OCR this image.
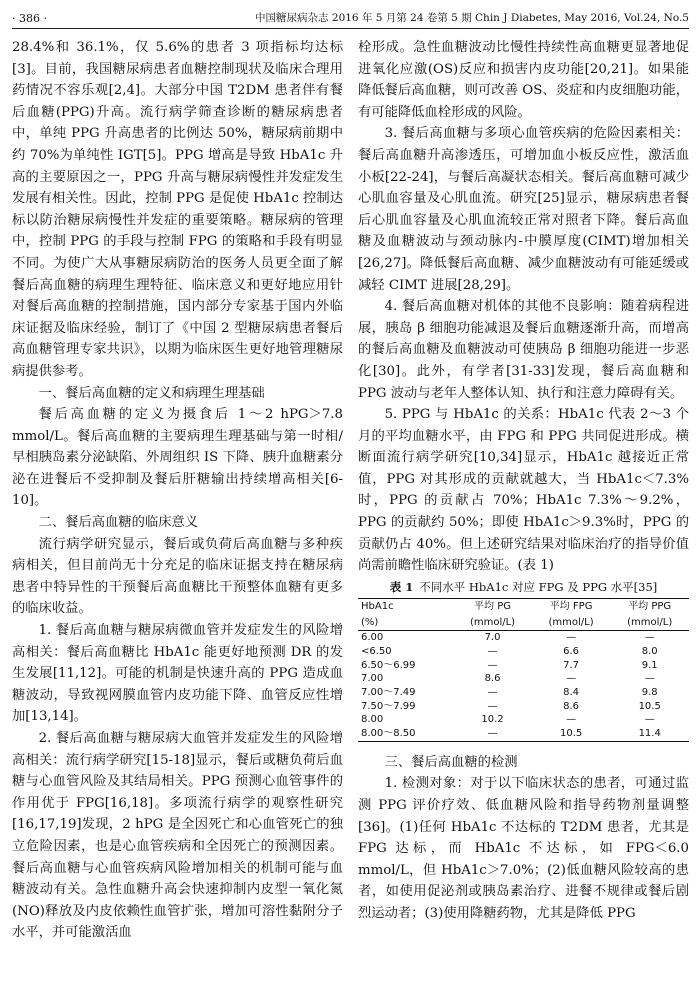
· 386 ·	中国糖尿病杂志 2016 年 5 月第 24 卷第 5 期 Chin J Diabetes, May 2016, Vol.24, No.5

28.4%和 36.1%，仅 5.6%的患者 3 项指标均达标[3]。目前，我国糖尿病患者血糖控制现状及临床合理用药情况不容乐观[2,4]。大部分中国 T2DM 患者伴有餐后血糖(PPG)升高。流行病学筛查诊断的糖尿病患者中，单纯 PPG 升高患者的比例达 50%，糖尿病前期中约 70%为单纯性 IGT[5]。PPG 增高是导致 HbA1c 升高的主要原因之一，PPG 升高与糖尿病慢性并发症发生发展有相关性。因此，控制 PPG 是促使 HbA1c 控制达标以防治糖尿病慢性并发症的重要策略。糖尿病的管理中，控制 PPG 的手段与控制 FPG 的策略和手段有明显不同。为使广大从事糖尿病防治的医务人员更全面了解餐后高血糖的病理生理特征、临床意义和更好地应用针对餐后高血糖的控制措施，国内部分专家基于国内外临床证据及临床经验，制订了《中国 2 型糖尿病患者餐后高血糖管理专家共识》，以期为临床医生更好地管理糖尿病提供参考。

一、餐后高血糖的定义和病理生理基础

餐后高血糖的定义为摄食后 1～2 hPG＞7.8 mmol/L。餐后高血糖的主要病理生理基础与第一时相/早相胰岛素分泌缺陷、外周组织 IS 下降、胰升血糖素分泌在进餐后不受抑制及餐后肝糖输出持续增高相关[6-10]。

二、餐后高血糖的临床意义

流行病学研究显示，餐后或负荷后高血糖与多种疾病相关，但目前尚无十分充足的临床证据支持在糖尿病患者中特异性的干预餐后高血糖比干预整体血糖有更多的临床收益。

1. 餐后高血糖与糖尿病微血管并发症发生的风险增高相关：餐后高血糖比 HbA1c 能更好地预测 DR 的发生发展[11,12]。可能的机制是快速升高的 PPG 造成血糖波动，导致视网膜血管内皮功能下降、血管反应性增加[13,14]。

2. 餐后高血糖与糖尿病大血管并发症发生的风险增高相关：流行病学研究[15-18]显示，餐后或糖负荷后血糖与心血管风险及其结局相关。PPG 预测心血管事件的作用优于 FPG[16,18]。多项流行病学的观察性研究[16,17,19]发现，2 hPG 是全因死亡和心血管死亡的独立危险因素，也是心血管疾病和全因死亡的预测因素。餐后高血糖与心血管疾病风险增加相关的机制可能与血糖波动有关。急性血糖升高会快速抑制内皮型一氧化氮(NO)释放及内皮依赖性血管扩张，增加可溶性黏附分子水平，并可能激活血

栓形成。急性血糖波动比慢性持续性高血糖更显著地促进氧化应激(OS)反应和损害内皮功能[20,21]。如果能降低餐后高血糖，则可改善 OS、炎症和内皮细胞功能，有可能降低血栓形成的风险。

3. 餐后高血糖与多项心血管疾病的危险因素相关：餐后高血糖升高渗透压，可增加血小板反应性，激活血小板[22-24]，与餐后高凝状态相关。餐后高血糖可减少心肌血容量及心肌血流。研究[25]显示，糖尿病患者餐后心肌血容量及心肌血流较正常对照者下降。餐后高血糖及血糖波动与颈动脉内-中膜厚度(CIMT)增加相关[26,27]。降低餐后高血糖、减少血糖波动有可能延缓或减轻 CIMT 进展[28,29]。

4. 餐后高血糖对机体的其他不良影响：随着病程进展，胰岛 β 细胞功能减退及餐后血糖逐渐升高，而增高的餐后高血糖及血糖波动可使胰岛 β 细胞功能进一步恶化[30]。此外，有学者[31-33]发现，餐后高血糖和 PPG 波动与老年人整体认知、执行和注意力障碍有关。

5. PPG 与 HbA1c 的关系：HbA1c 代表 2～3 个月的平均血糖水平，由 FPG 和 PPG 共同促进形成。横断面流行病学研究[10,34]显示，HbA1c 越接近正常值，PPG 对其形成的贡献就越大，当 HbA1c＜7.3%时，PPG 的贡献占 70%；HbA1c 7.3%～9.2%，PPG 的贡献约 50%；即使 HbA1c＞9.3%时，PPG 的贡献仍占 40%。但上述研究结果对临床治疗的指导价值尚需前瞻性临床研究验证。(表 1)

表 1 不同水平 HbA1c 对应 FPG 及 PPG 水平[35]
HbA1c	平均 PG	平均 FPG	平均 PPG
(%)	(mmol/L)	(mmol/L)	(mmol/L)
6.00	7.0	—	—
<6.50	—	6.6	8.0
6.50～6.99	—	7.7	9.1
7.00	8.6	—	—
7.00～7.49	—	8.4	9.8
7.50～7.99	—	8.6	10.5
8.00	10.2	—	—
8.00～8.50	—	10.5	11.4

三、餐后高血糖的检测

1. 检测对象：对于以下临床状态的患者，可通过监测 PPG 评价疗效、低血糖风险和指导药物剂量调整[36]。(1)任何 HbA1c 不达标的 T2DM 患者，尤其是 FPG 达标，而 HbA1c 不达标，如 FPG＜6.0 mmol/L，但 HbA1c＞7.0%；(2)低血糖风险较高的患者，如使用促泌剂或胰岛素治疗、进餐不规律或餐后剧烈运动者；(3)使用降糖药物，尤其是降低 PPG
